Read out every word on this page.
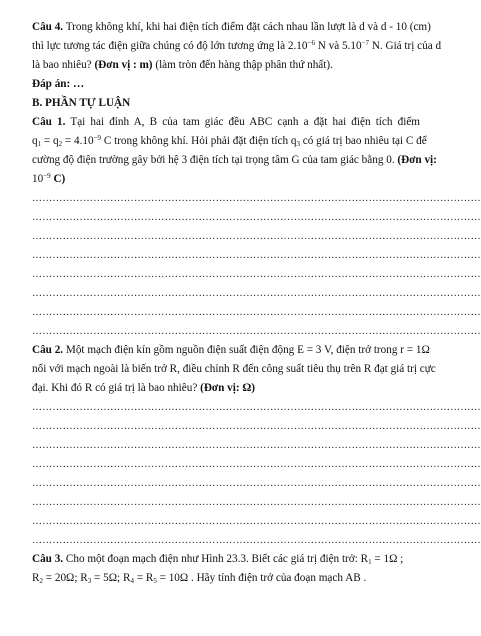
Câu 4. Trong không khí, khi hai điện tích điểm đặt cách nhau lần lượt là d và d - 10 (cm)
thì lực tương tác điện giữa chúng có độ lớn tương ứng là $2.10^{-6}$ N và $5.10^{-7}$ N. Giá trị của d
là bao nhiêu? (Đơn vị : m) (làm tròn đến hàng thập phân thứ nhất).
Đáp án: …
B. PHẦN TỰ LUẬN
Câu 1. Tại hai đỉnh A, B của tam giác đều ABC cạnh a đặt hai điện tích điểm
$q_1 = q_2 = 4.10^{-9}$ C trong không khí. Hỏi phải đặt điện tích $q_3$ có giá trị bao nhiêu tại C để
cường độ điện trường gây bởi hệ 3 điện tích tại trọng tâm G của tam giác bằng 0. (Đơn vị:
$10^{-9}$ C)
……………………………………………………………………………………………………………………
……………………………………………………………………………………………………………………
……………………………………………………………………………………………………………………
……………………………………………………………………………………………………………………
……………………………………………………………………………………………………………………
……………………………………………………………………………………………………………………
……………………………………………………………………………………………………………………
……………………………………………………………………………………………………………………
Câu 2. Một mạch điện kín gồm nguồn điện suất điện động E = 3 V, điện trở trong r = 1Ω
nối với mạch ngoài là biến trở R, điều chỉnh R đến công suất tiêu thụ trên R đạt giá trị cực
đại. Khi đó R có giá trị là bao nhiêu? (Đơn vị: Ω)
……………………………………………………………………………………………………………………
……………………………………………………………………………………………………………………
……………………………………………………………………………………………………………………
……………………………………………………………………………………………………………………
……………………………………………………………………………………………………………………
……………………………………………………………………………………………………………………
……………………………………………………………………………………………………………………
……………………………………………………………………………………………………………………
Câu 3. Cho một đoạn mạch điện như Hình 23.3. Biết các giá trị điện trở: $R_1 = 1\Omega$ ;
$R_2 = 20\Omega$; $R_3 = 5\Omega$; $R_4 = R_5 = 10\Omega$ . Hãy tính điện trở của đoạn mạch AB .
